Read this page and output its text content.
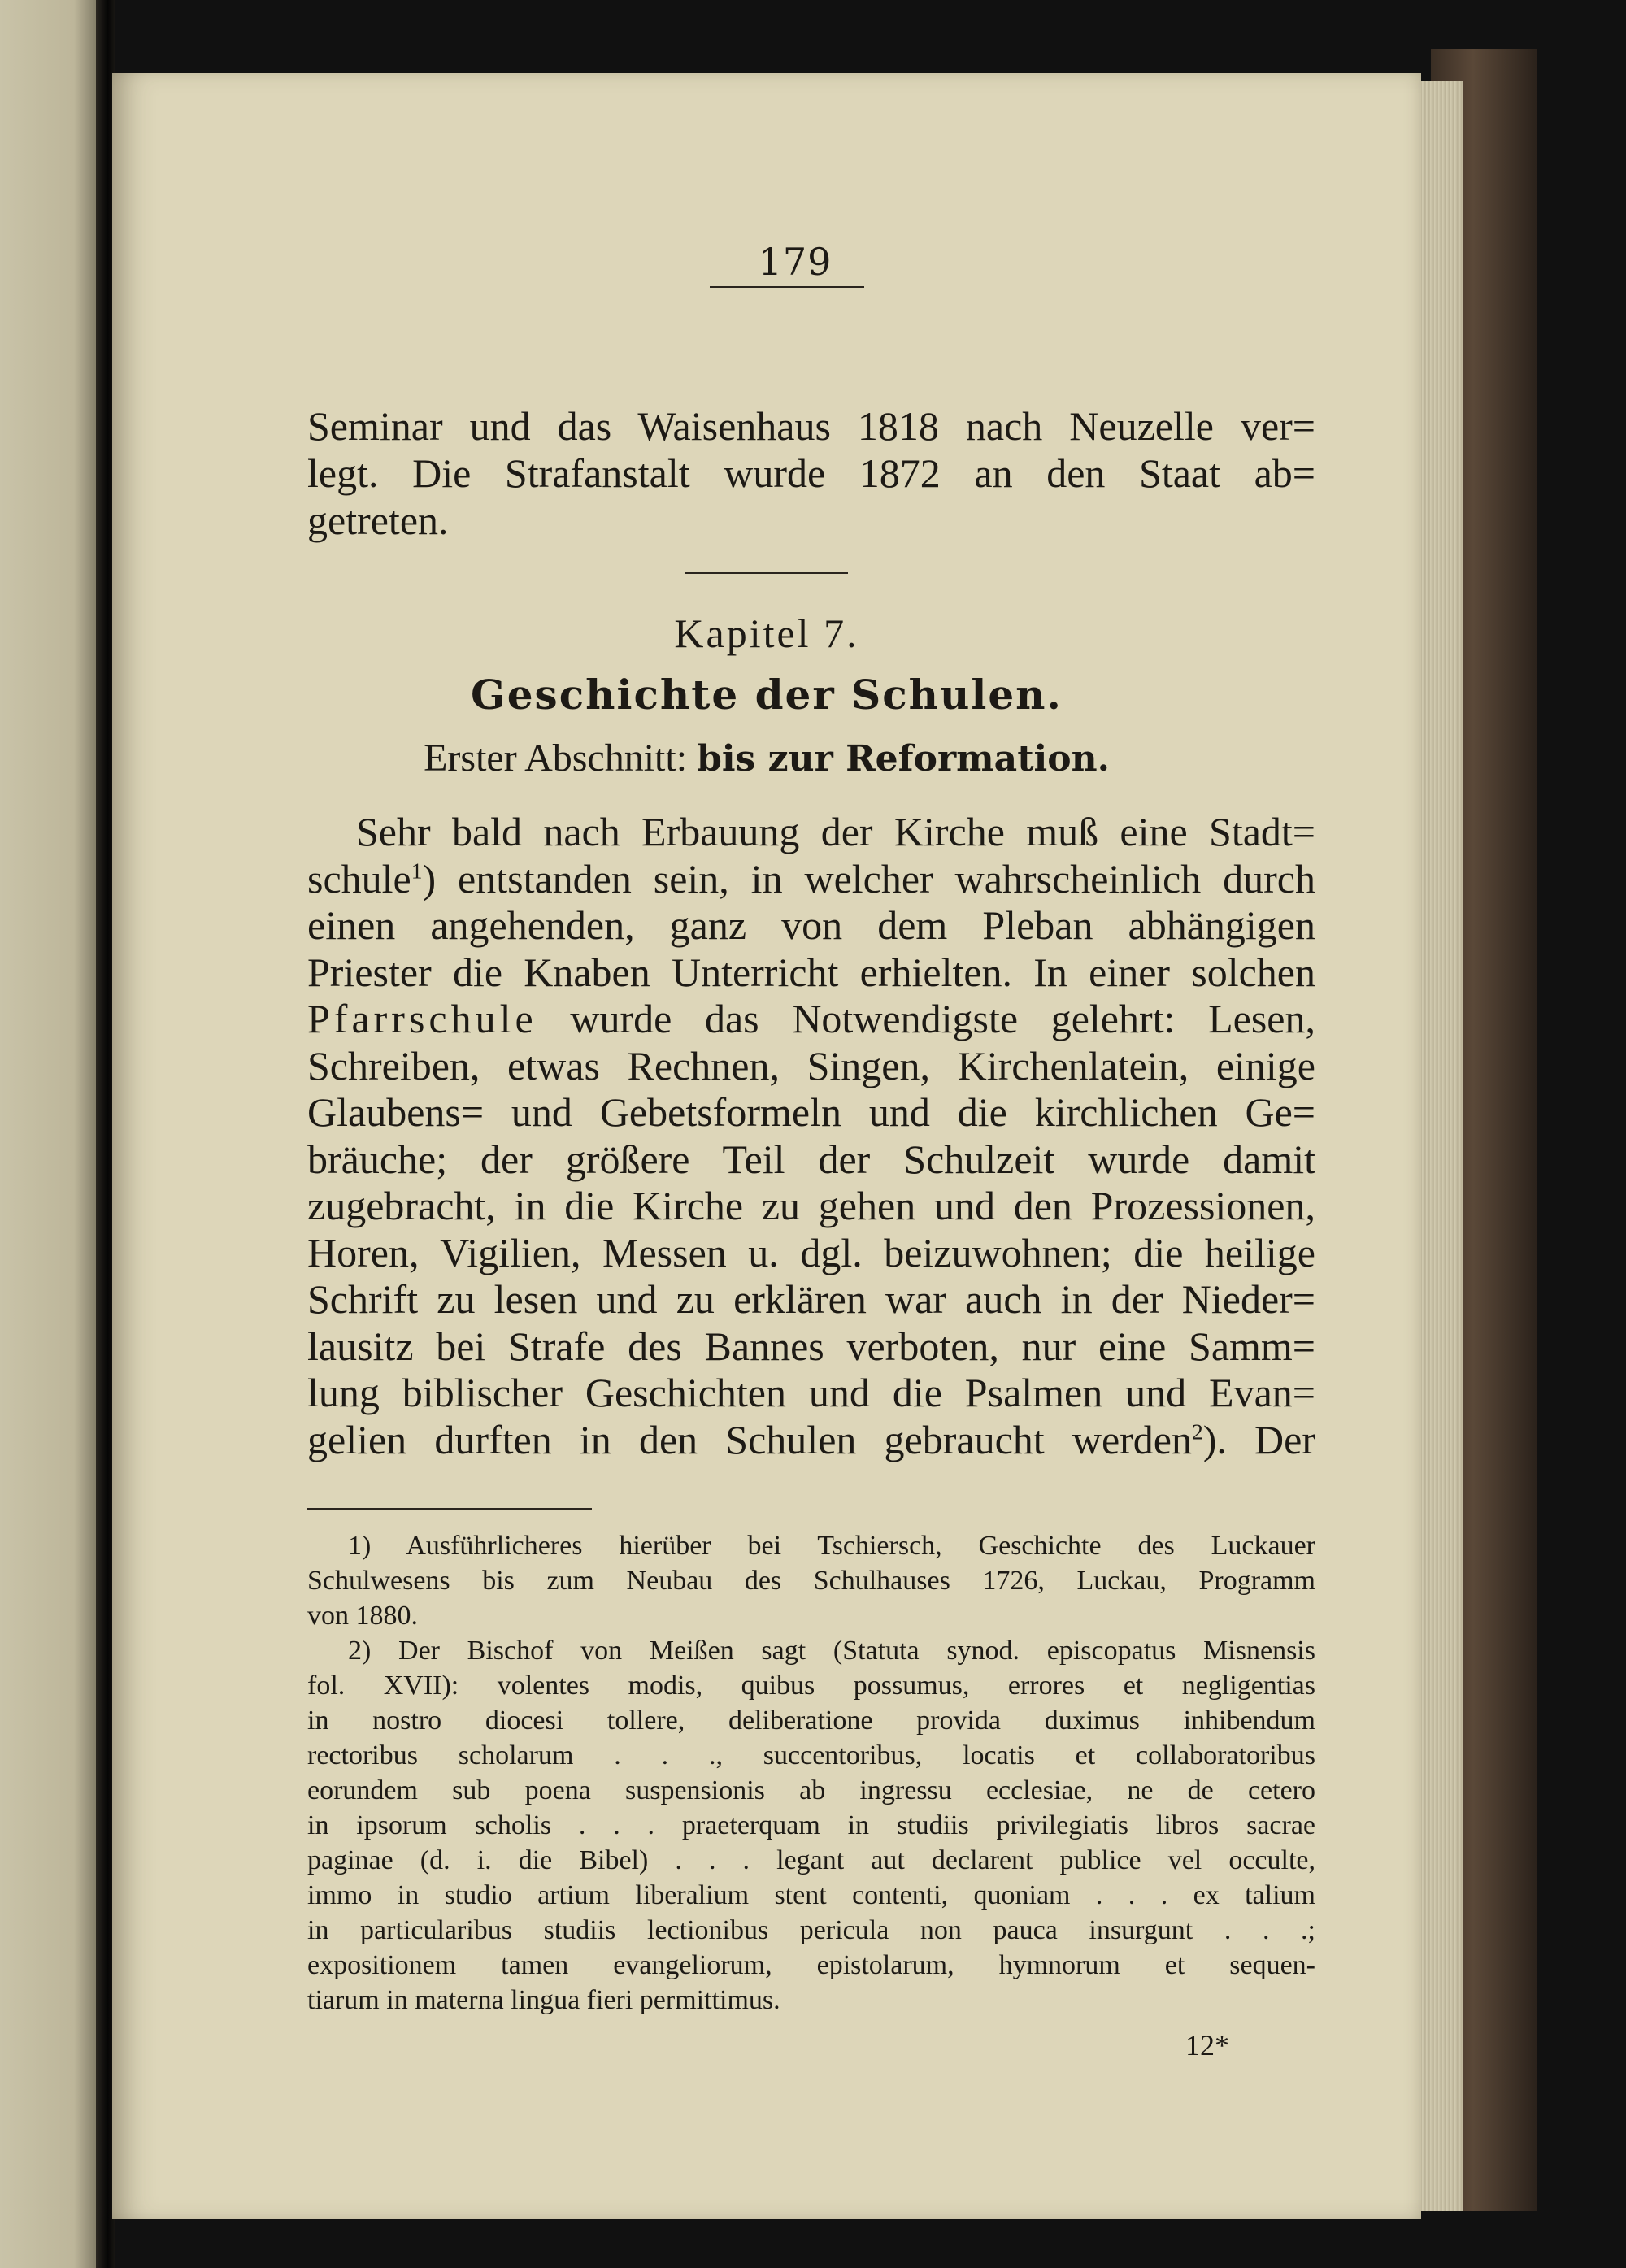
179
Seminar und das Waisenhaus 1818 nach Neuzelle ver=
legt. Die Strafanstalt wurde 1872 an den Staat ab=
getreten.
Kapitel 7.
Geschichte der Schulen.
Erster Abschnitt: bis zur Reformation.
Sehr bald nach Erbauung der Kirche muß eine Stadt=
schule$^1$) entstanden sein, in welcher wahrscheinlich durch
einen angehenden, ganz von dem Pleban abhängigen
Priester die Knaben Unterricht erhielten. In einer solchen
Pfarrschule wurde das Notwendigste gelehrt: Lesen,
Schreiben, etwas Rechnen, Singen, Kirchenlatein, einige
Glaubens= und Gebetsformeln und die kirchlichen Ge=
bräuche; der größere Teil der Schulzeit wurde damit
zugebracht, in die Kirche zu gehen und den Prozessionen,
Horen, Vigilien, Messen u. dgl. beizuwohnen; die heilige
Schrift zu lesen und zu erklären war auch in der Nieder=
lausitz bei Strafe des Bannes verboten, nur eine Samm=
lung biblischer Geschichten und die Psalmen und Evan=
gelien durften in den Schulen gebraucht werden$^2$). Der
1) Ausführlicheres hierüber bei Tschiersch, Geschichte des Luckauer
Schulwesens bis zum Neubau des Schulhauses 1726, Luckau, Programm
von 1880.
2) Der Bischof von Meißen sagt (Statuta synod. episcopatus Misnensis
fol. XVII): volentes modis, quibus possumus, errores et negligentias
in nostro diocesi tollere, deliberatione provida duximus inhibendum
rectoribus scholarum . . ., succentoribus, locatis et collaboratoribus
eorundem sub poena suspensionis ab ingressu ecclesiae, ne de cetero
in ipsorum scholis . . . praeterquam in studiis privilegiatis libros sacrae
paginae (d. i. die Bibel) . . . legant aut declarent publice vel occulte,
immo in studio artium liberalium stent contenti, quoniam . . . ex talium
in particularibus studiis lectionibus pericula non pauca insurgunt . . .;
expositionem tamen evangeliorum, epistolarum, hymnorum et sequen-
tiarum in materna lingua fieri permittimus.
12*
